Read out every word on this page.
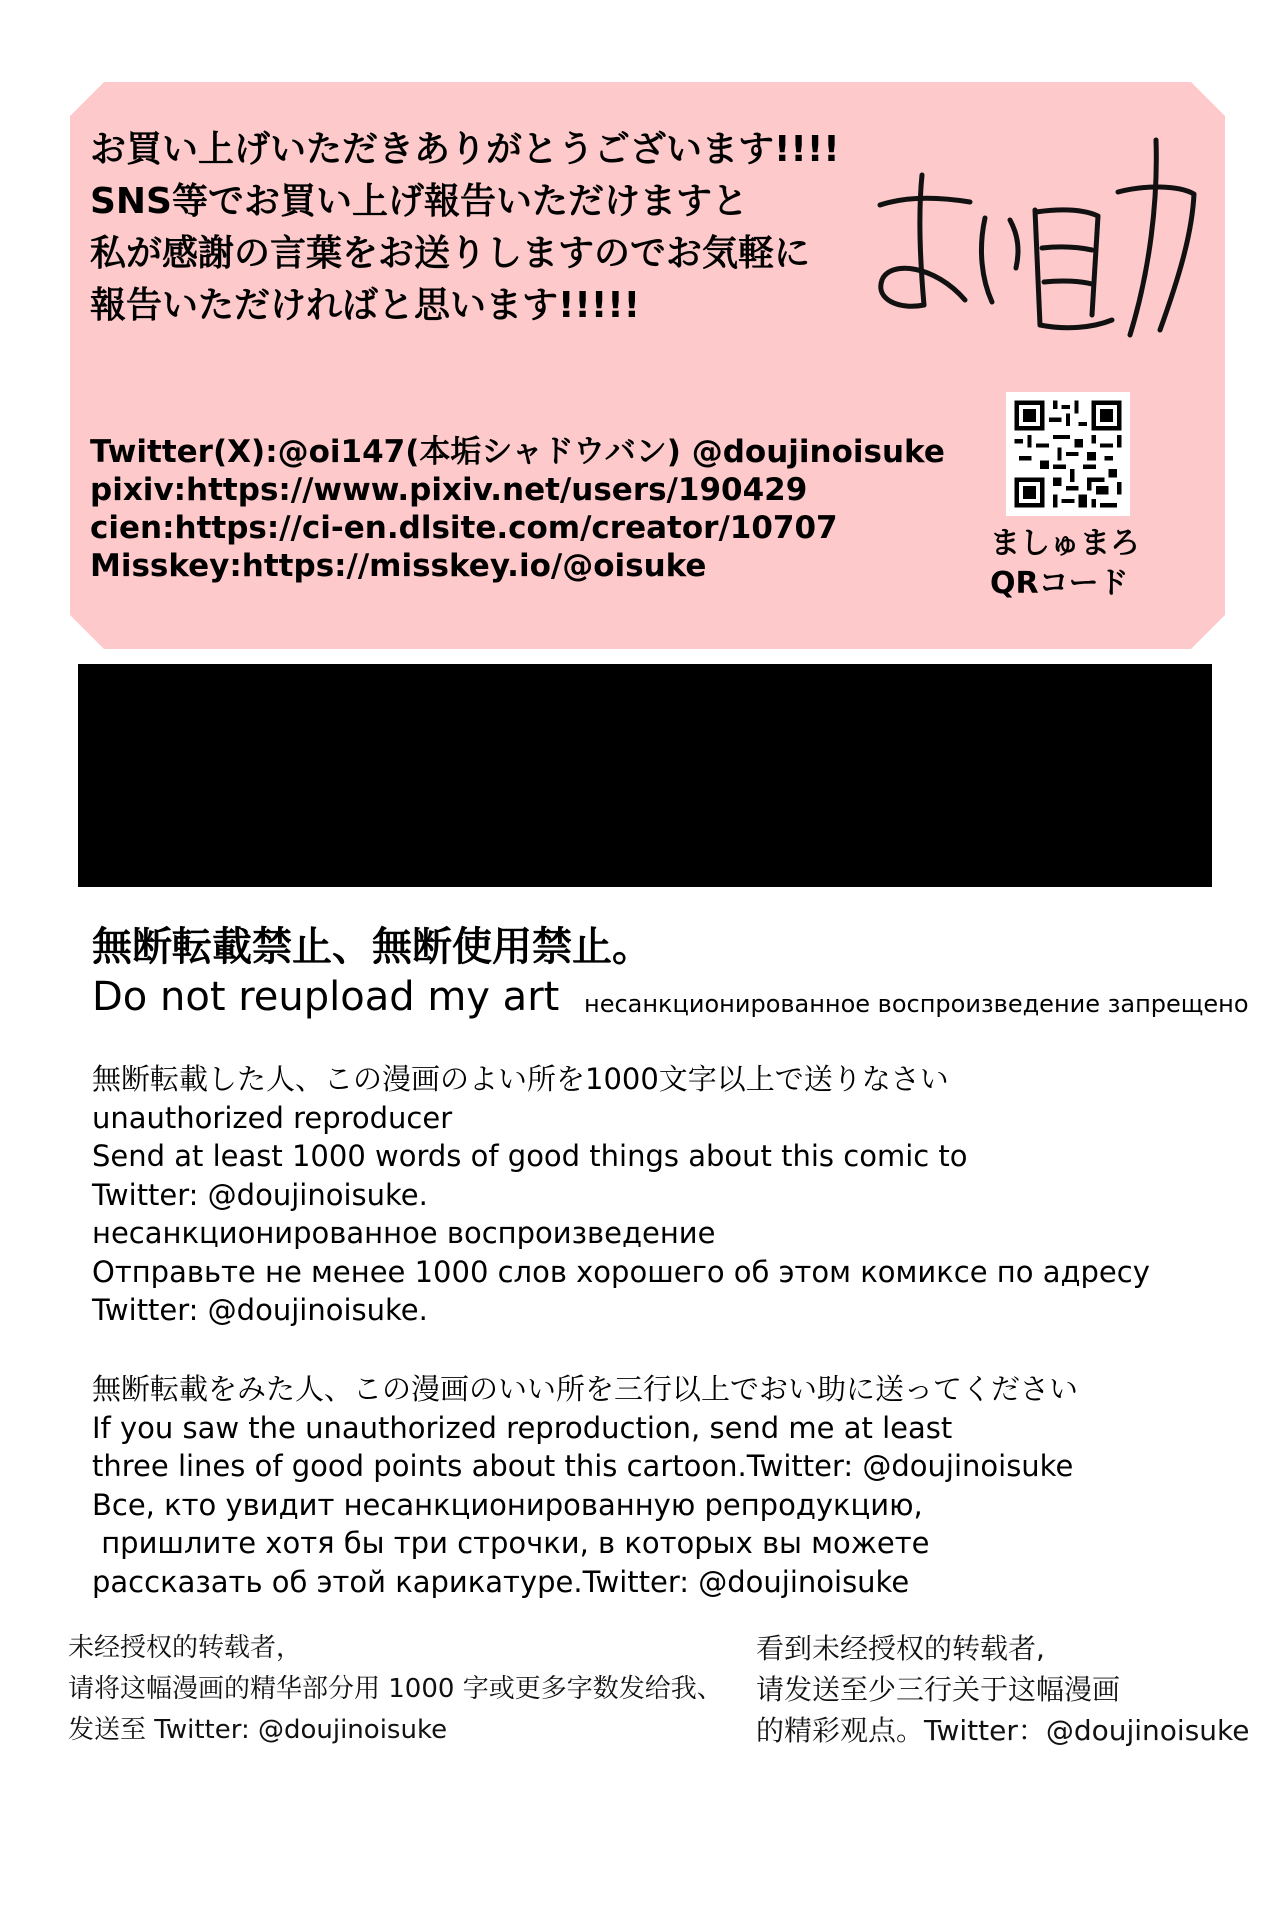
お買い上げいただきありがとうございます!!!!
SNS等でお買い上げ報告いただけますと
私が感謝の言葉をお送りしますのでお気軽に
報告いただければと思います!!!!!
Twitter(X):@oi147(本垢シャドウバン) @doujinoisuke
pixiv:https://www.pixiv.net/users/190429
cien:https://ci-en.dlsite.com/creator/10707
Misskey:https://misskey.io/@oisuke
ましゅまろ
QRコード
無断転載禁止、無断使用禁止。
Do not reupload my art несанкционированное воспроизведение запрещено
無断転載した人、この漫画のよい所を1000文字以上で送りなさい
unauthorized reproducer
Send at least 1000 words of good things about this comic to
Twitter: @doujinoisuke.
несанкционированное воспроизведение
Отправьте не менее 1000 слов хорошего об этом комиксе по адресу
Twitter: @doujinoisuke.
無断転載をみた人、この漫画のいい所を三行以上でおい助に送ってください
If you saw the unauthorized reproduction, send me at least
three lines of good points about this cartoon.Twitter: @doujinoisuke
Все, кто увидит несанкционированную репродукцию,
пришлите хотя бы три строчки, в которых вы можете
рассказать об этой карикатуре.Twitter: @doujinoisuke
未经授权的转载者，
请将这幅漫画的精华部分用 1000 字或更多字数发给我、
发送至 Twitter: @doujinoisuke
看到未经授权的转载者,
请发送至少三行关于这幅漫画
的精彩观点。Twitter：@doujinoisuke
